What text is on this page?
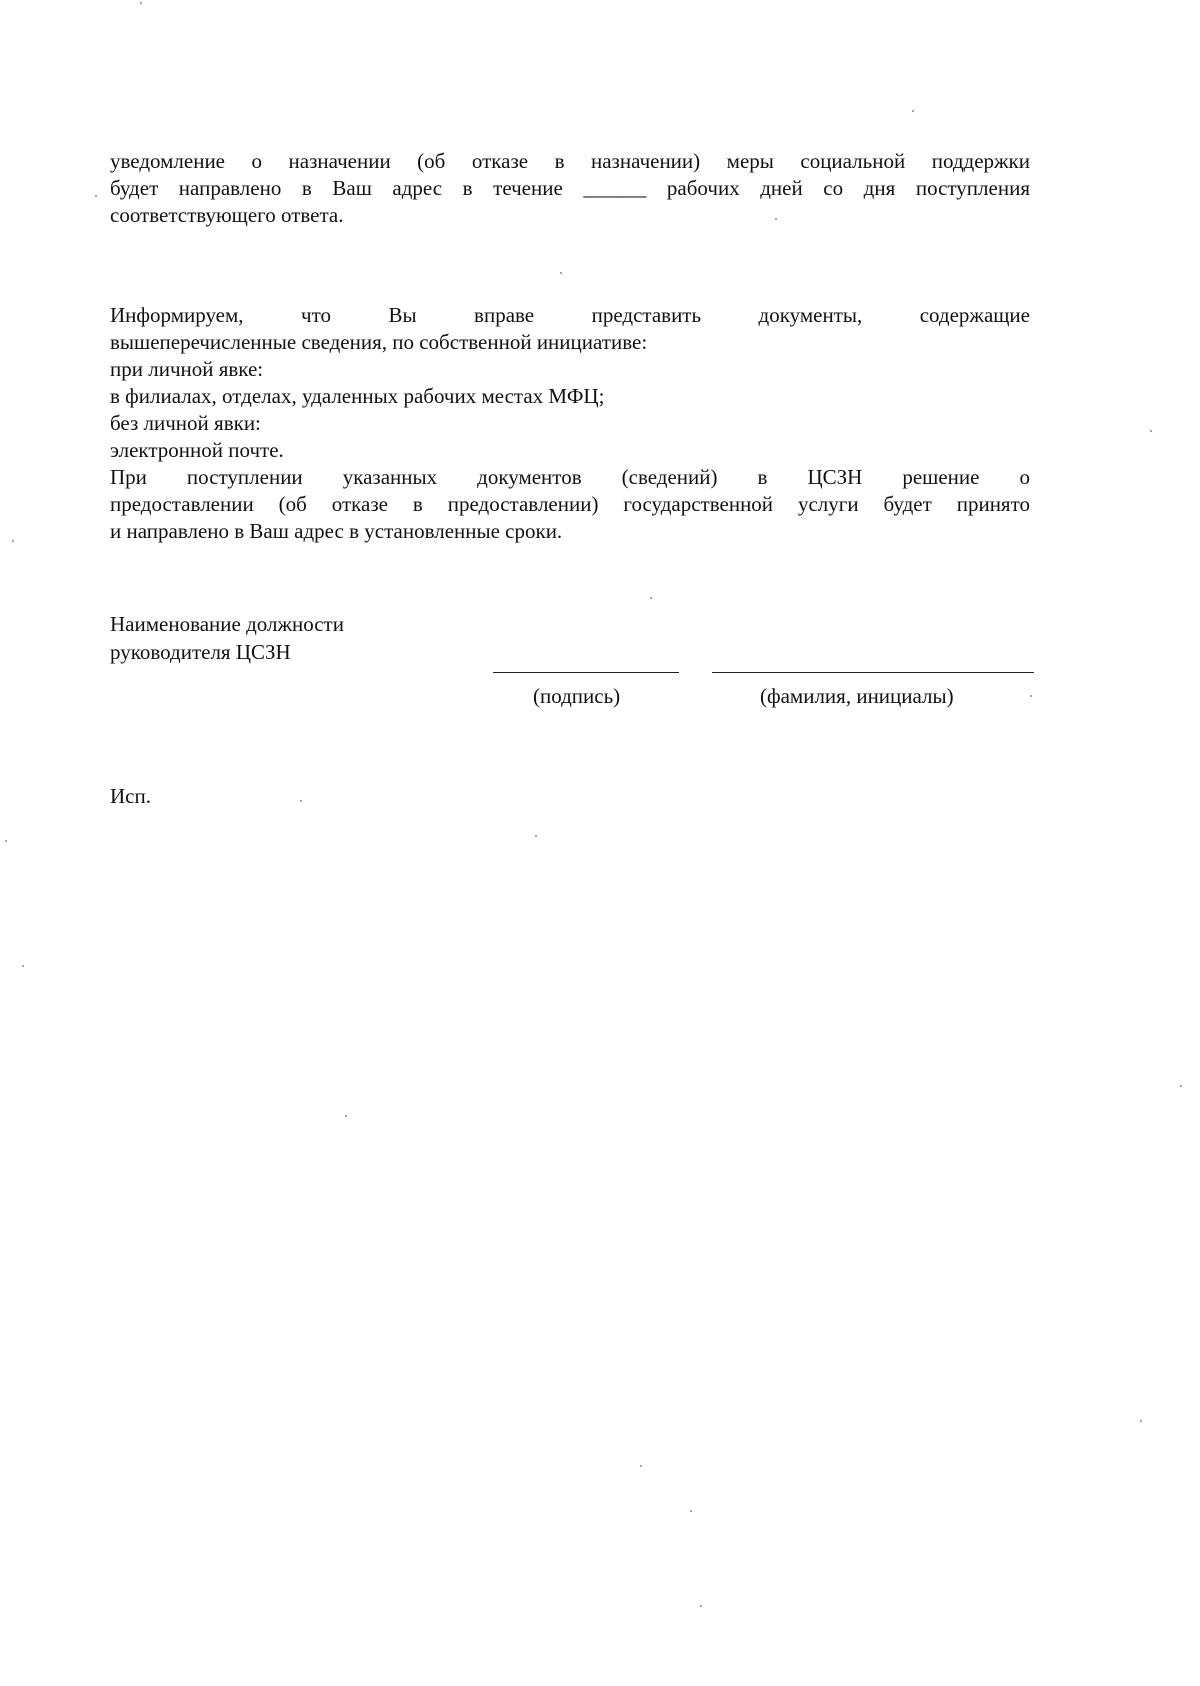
уведомление о назначении (об отказе в назначении) меры социальной поддержки
будет направлено в Ваш адрес в течение ______ рабочих дней со дня поступления
соответствующего ответа.
Информируем, что Вы вправе представить документы, содержащие
вышеперечисленные сведения, по собственной инициативе:
при личной явке:
в филиалах, отделах, удаленных рабочих местах МФЦ;
без личной явки:
электронной почте.
При поступлении указанных документов (сведений) в ЦСЗН решение о
предоставлении (об отказе в предоставлении) государственной услуги будет принято
и направлено в Ваш адрес в установленные сроки.
Наименование должности
руководителя ЦСЗН
(подпись)	(фамилия, инициалы)
Исп.
